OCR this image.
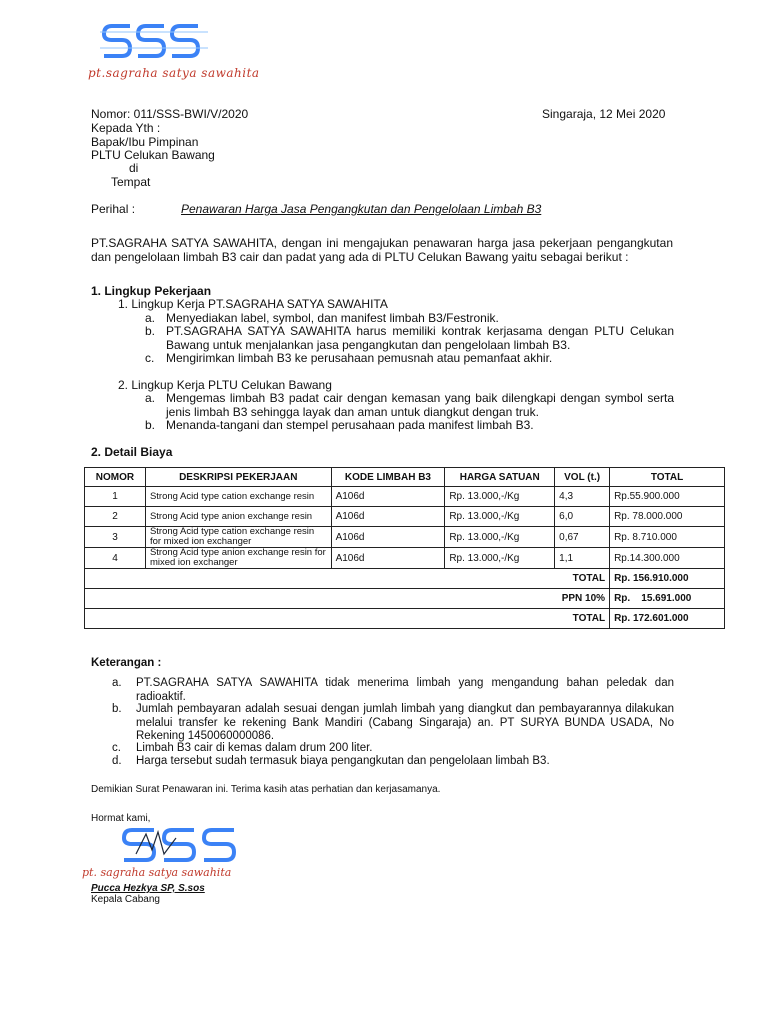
pt.sagraha satya sawahita
Nomor: 011/SSS-BWI/V/2020	Singaraja, 12 Mei 2020
Kepada Yth :
Bapak/Ibu Pimpinan
PLTU Celukan Bawang
di
Tempat
Perihal :	Penawaran Harga Jasa Pengangkutan dan Pengelolaan Limbah B3
PT.SAGRAHA SATYA SAWAHITA, dengan ini mengajukan penawaran harga jasa pekerjaan pengangkutan dan pengelolaan limbah B3 cair dan padat yang ada di PLTU Celukan Bawang yaitu sebagai berikut :
1. Lingkup Pekerjaan
1. Lingkup Kerja PT.SAGRAHA SATYA SAWAHITA
a. Menyediakan label, symbol, dan manifest limbah B3/Festronik.
b. PT.SAGRAHA SATYA SAWAHITA harus memiliki kontrak kerjasama dengan PLTU Celukan Bawang untuk menjalankan jasa pengangkutan dan pengelolaan limbah B3.
c. Mengirimkan limbah B3 ke perusahaan pemusnah atau pemanfaat akhir.
2. Lingkup Kerja PLTU Celukan Bawang
a. Mengemas limbah B3 padat cair dengan kemasan yang baik dilengkapi dengan symbol serta jenis limbah B3 sehingga layak dan aman untuk diangkut dengan truk.
b. Menanda-tangani dan stempel perusahaan pada manifest limbah B3.
2. Detail Biaya
NOMOR	DESKRIPSI PEKERJAAN	KODE LIMBAH B3	HARGA SATUAN	VOL (t.)	TOTAL
1	Strong Acid type cation exchange resin	A106d	Rp. 13.000,-/Kg	4,3	Rp.55.900.000
2	Strong Acid type anion exchange resin	A106d	Rp. 13.000,-/Kg	6,0	Rp. 78.000.000
3	Strong Acid type cation exchange resin for mixed ion exchanger	A106d	Rp. 13.000,-/Kg	0,67	Rp. 8.710.000
4	Strong Acid type anion exchange resin for mixed ion exchanger	A106d	Rp. 13.000,-/Kg	1,1	Rp.14.300.000
TOTAL					Rp. 156.910.000
PPN 10%					Rp.    15.691.000
TOTAL					Rp. 172.601.000
Keterangan :
a. PT.SAGRAHA SATYA SAWAHITA tidak menerima limbah yang mengandung bahan peledak dan radioaktif.
b. Jumlah pembayaran adalah sesuai dengan jumlah limbah yang diangkut dan pembayarannya dilakukan melalui transfer ke rekening Bank Mandiri (Cabang Singaraja) an. PT SURYA BUNDA USADA, No Rekening 1450060000086.
c. Limbah B3 cair di kemas dalam drum 200 liter.
d. Harga tersebut sudah termasuk biaya pengangkutan dan pengelolaan limbah B3.
Demikian Surat Penawaran ini. Terima kasih atas perhatian dan kerjasamanya.
Hormat kami,
pt. sagraha satya sawahita
Pucca Hezkya SP, S.sos
Kepala Cabang
